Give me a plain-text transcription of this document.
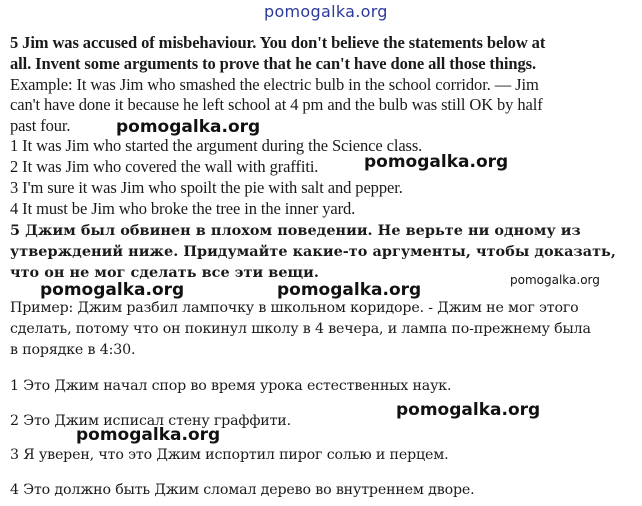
pomogalka.org
5 Jim was accused of misbehaviour. You don't believe the statements below at
all. Invent some arguments to prove that he can't have done all those things.
Example: It was Jim who smashed the electric bulb in the school corridor. — Jim
can't have done it because he left school at 4 pm and the bulb was still OK by half
past four.
1 It was Jim who started the argument during the Science class.
2 It was Jim who covered the wall with graffiti.
3 I'm sure it was Jim who spoilt the pie with salt and pepper.
4 It must be Jim who broke the tree in the inner yard.
5 Джим был обвинен в плохом поведении. Не верьте ни одному из
утверждений ниже. Придумайте какие-то аргументы, чтобы доказать,
что он не мог сделать все эти вещи.
Пример: Джим разбил лампочку в школьном коридоре. - Джим не мог этого
сделать, потому что он покинул школу в 4 вечера, и лампа по-прежнему была
в порядке в 4:30.
1 Это Джим начал спор во время урока естественных наук.
2 Это Джим исписал стену граффити.
3 Я уверен, что это Джим испортил пирог солью и перцем.
4 Это должно быть Джим сломал дерево во внутреннем дворе.
pomogalka.org
pomogalka.org
pomogalka.org
pomogalka.org	pomogalka.org
pomogalka.org
pomogalka.org
